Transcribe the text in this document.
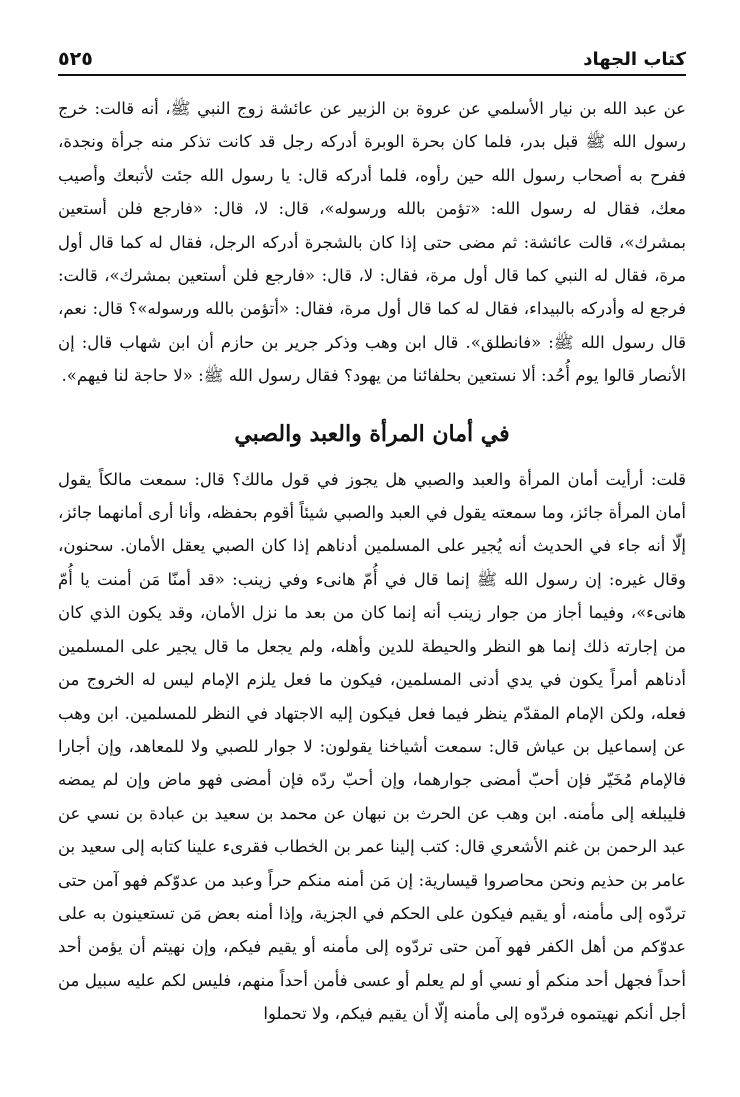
كتاب الجهاد
٥٢٥

عن عبد الله بن نيار الأسلمي عن عروة بن الزبير عن عائشة زوج النبي ﷺ، أنه قالت: خرج رسول الله ﷺ قبل بدر، فلما كان بحرة الوبرة أدركه رجل قد كانت تذكر منه جرأة ونجدة، ففرح به أصحاب رسول الله حين رأوه، فلما أدركه قال: يا رسول الله جئت لأتبعك وأصيب معك، فقال له رسول الله: «تؤمن بالله ورسوله»، قال: لا، قال: «فارجع فلن أستعين بمشرك»، قالت عائشة: ثم مضى حتى إذا كان بالشجرة أدركه الرجل، فقال له كما قال أول مرة، فقال له النبي كما قال أول مرة، فقال: لا، قال: «فارجع فلن أستعين بمشرك»، قالت: فرجع له وأدركه بالبيداء، فقال له كما قال أول مرة، فقال: «أتؤمن بالله ورسوله»؟ قال: نعم، قال رسول الله ﷺ: «فانطلق». قال ابن وهب وذكر جرير بن حازم أن ابن شهاب قال: إن الأنصار قالوا يوم أُحُد: ألا نستعين بحلفائنا من يهود؟ فقال رسول الله ﷺ: «لا حاجة لنا فيهم».

في أمان المرأة والعبد والصبي

قلت: أرأيت أمان المرأة والعبد والصبي هل يجوز في قول مالك؟ قال: سمعت مالكاً يقول أمان المرأة جائز، وما سمعته يقول في العبد والصبي شيئاً أقوم بحفظه، وأنا أرى أمانهما جائز، إلّا أنه جاء في الحديث أنه يُجير على المسلمين أدناهم إذا كان الصبي يعقل الأمان. سحنون، وقال غيره: إن رسول الله ﷺ إنما قال في أُمّ هانىء وفي زينب: «قد أمنّا مَن أمنت يا أُمّ هانىء»، وفيما أجاز من جوار زينب أنه إنما كان من بعد ما نزل الأمان، وقد يكون الذي كان من إجارته ذلك إنما هو النظر والحيطة للدين وأهله، ولم يجعل ما قال يجير على المسلمين أدناهم أمراً يكون في يدي أدنى المسلمين، فيكون ما فعل يلزم الإمام ليس له الخروج من فعله، ولكن الإمام المقدّم ينظر فيما فعل فيكون إليه الاجتهاد في النظر للمسلمين. ابن وهب عن إسماعيل بن عياش قال: سمعت أشياخنا يقولون: لا جوار للصبي ولا للمعاهد، وإن أجارا فالإمام مُخَيّر فإن أحبّ أمضى جوارهما، وإن أحبّ ردّه فإن أمضى فهو ماض وإن لم يمضه فليبلغه إلى مأمنه. ابن وهب عن الحرث بن نبهان عن محمد بن سعيد بن عبادة بن نسي عن عبد الرحمن بن غنم الأشعري قال: كتب إلينا عمر بن الخطاب فقرىء علينا كتابه إلى سعيد بن عامر بن حذيم ونحن محاصروا قيسارية: إن مَن أمنه منكم حراً وعبد من عدوّكم فهو آمن حتى تردّوه إلى مأمنه، أو يقيم فيكون على الحكم في الجزية، وإذا أمنه بعض مَن تستعينون به على عدوّكم من أهل الكفر فهو آمن حتى تردّوه إلى مأمنه أو يقيم فيكم، وإن نهيتم أن يؤمن أحد أحداً فجهل أحد منكم أو نسي أو لم يعلم أو عسى فأمن أحداً منهم، فليس لكم عليه سبيل من أجل أنكم نهيتموه فردّوه إلى مأمنه إلّا أن يقيم فيكم، ولا تحملوا
